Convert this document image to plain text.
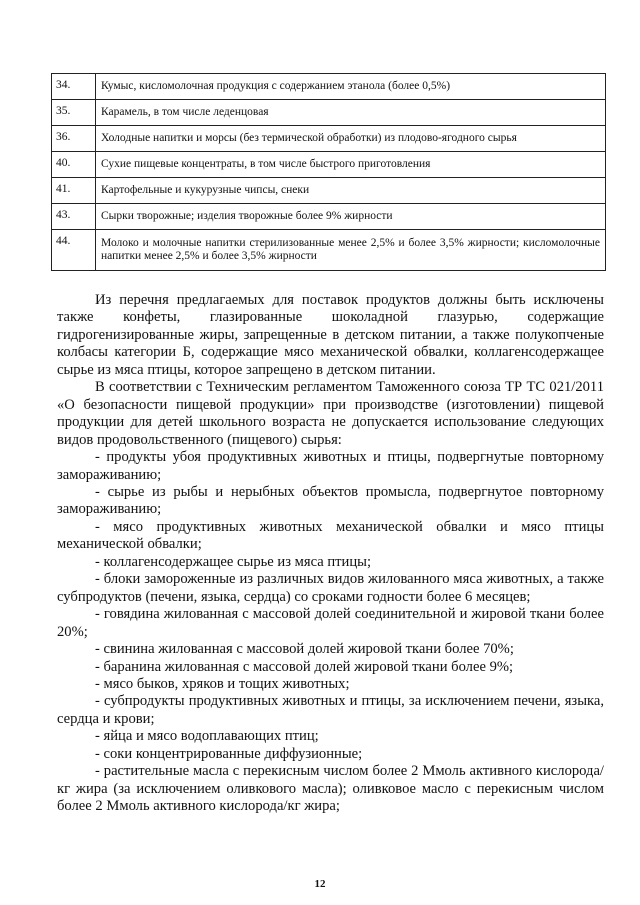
34.	Кумыс, кисломолочная продукция с содержанием этанола (более 0,5%)
35.	Карамель, в том числе леденцовая
36.	Холодные напитки и морсы (без термической обработки) из плодово-ягодного сырья
40.	Сухие пищевые концентраты, в том числе быстрого приготовления
41.	Картофельные и кукурузные чипсы, снеки
43.	Сырки творожные; изделия творожные более 9% жирности
44.	Молоко и молочные напитки стерилизованные менее 2,5% и более 3,5% жирности; кисломолочные напитки менее 2,5% и более 3,5% жирности

Из перечня предлагаемых для поставок продуктов должны быть исключены также конфеты, глазированные шоколадной глазурью, содержащие гидрогенизированные жиры, запрещенные в детском питании, а также полукопченые колбасы категории Б, содержащие мясо механической обвалки, коллагенсодержащее сырье из мяса птицы, которое запрещено в детском питании.

В соответствии с Техническим регламентом Таможенного союза ТР ТС 021/2011 «О безопасности пищевой продукции» при производстве (изготовлении) пищевой продукции для детей школьного возраста не допускается использование следующих видов продовольственного (пищевого) сырья:

- продукты убоя продуктивных животных и птицы, подвергнутые повторному замораживанию;

- сырье из рыбы и нерыбных объектов промысла, подвергнутое повторному замораживанию;

- мясо продуктивных животных механической обвалки и мясо птицы механической обвалки;

- коллагенсодержащее сырье из мяса птицы;

- блоки замороженные из различных видов жилованного мяса животных, а также субпродуктов (печени, языка, сердца) со сроками годности более 6 месяцев;

- говядина жилованная с массовой долей соединительной и жировой ткани более 20%;

- свинина жилованная с массовой долей жировой ткани более 70%;

- баранина жилованная с массовой долей жировой ткани более 9%;

- мясо быков, хряков и тощих животных;

- субпродукты продуктивных животных и птицы, за исключением печени, языка, сердца и крови;

- яйца и мясо водоплавающих птиц;

- соки концентрированные диффузионные;

- растительные масла с перекисным числом более 2 Ммоль активного кислорода/кг жира (за исключением оливкового масла); оливковое масло с перекисным числом более 2 Ммоль активного кислорода/кг жира;

12
